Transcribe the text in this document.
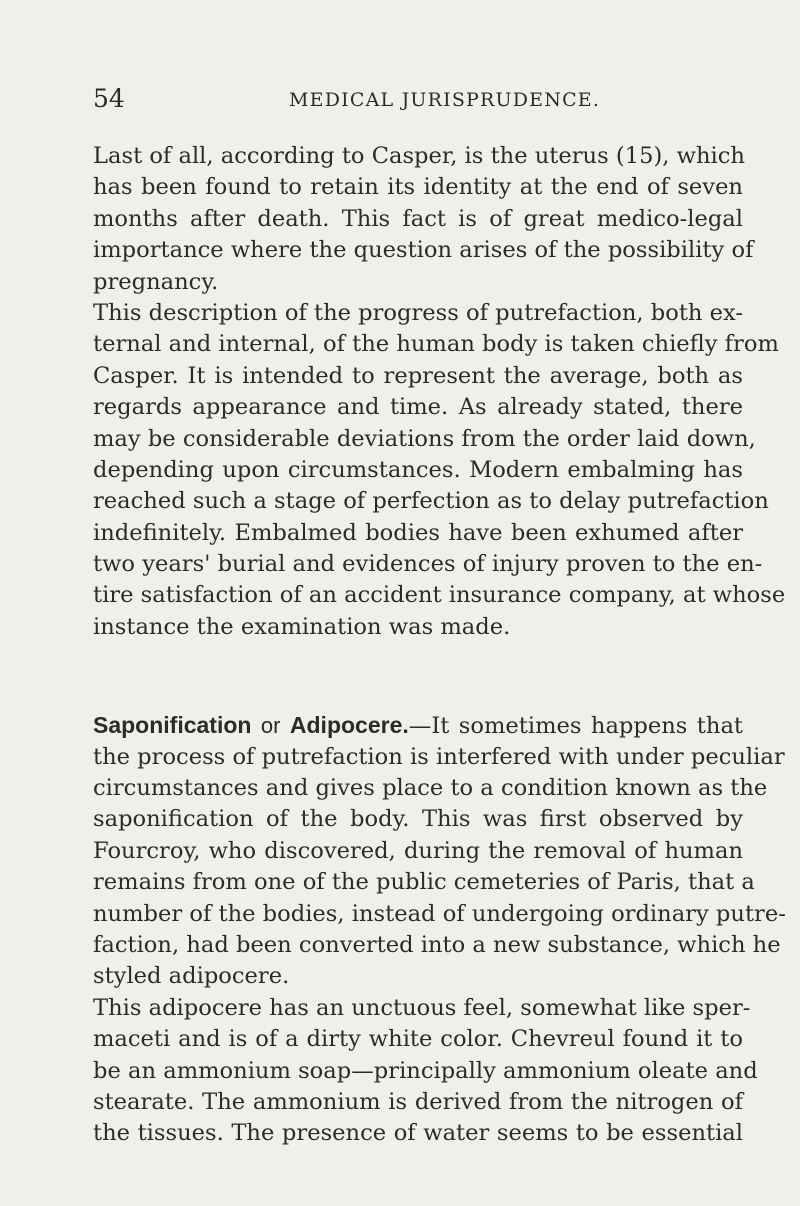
54	MEDICAL JURISPRUDENCE.
Last of all, according to Casper, is the uterus (15), which
has been found to retain its identity at the end of seven
months after death. This fact is of great medico-legal
importance where the question arises of the possibility of
pregnancy.
This description of the progress of putrefaction, both ex-
ternal and internal, of the human body is taken chiefly from
Casper. It is intended to represent the average, both as
regards appearance and time. As already stated, there
may be considerable deviations from the order laid down,
depending upon circumstances. Modern embalming has
reached such a stage of perfection as to delay putrefaction
indefinitely. Embalmed bodies have been exhumed after
two years' burial and evidences of injury proven to the en-
tire satisfaction of an accident insurance company, at whose
instance the examination was made.
Saponification or Adipocere.—It sometimes happens that
the process of putrefaction is interfered with under peculiar
circumstances and gives place to a condition known as the
saponification of the body. This was first observed by
Fourcroy, who discovered, during the removal of human
remains from one of the public cemeteries of Paris, that a
number of the bodies, instead of undergoing ordinary putre-
faction, had been converted into a new substance, which he
styled adipocere.
This adipocere has an unctuous feel, somewhat like sper-
maceti and is of a dirty white color. Chevreul found it to
be an ammonium soap—principally ammonium oleate and
stearate. The ammonium is derived from the nitrogen of
the tissues. The presence of water seems to be essential
